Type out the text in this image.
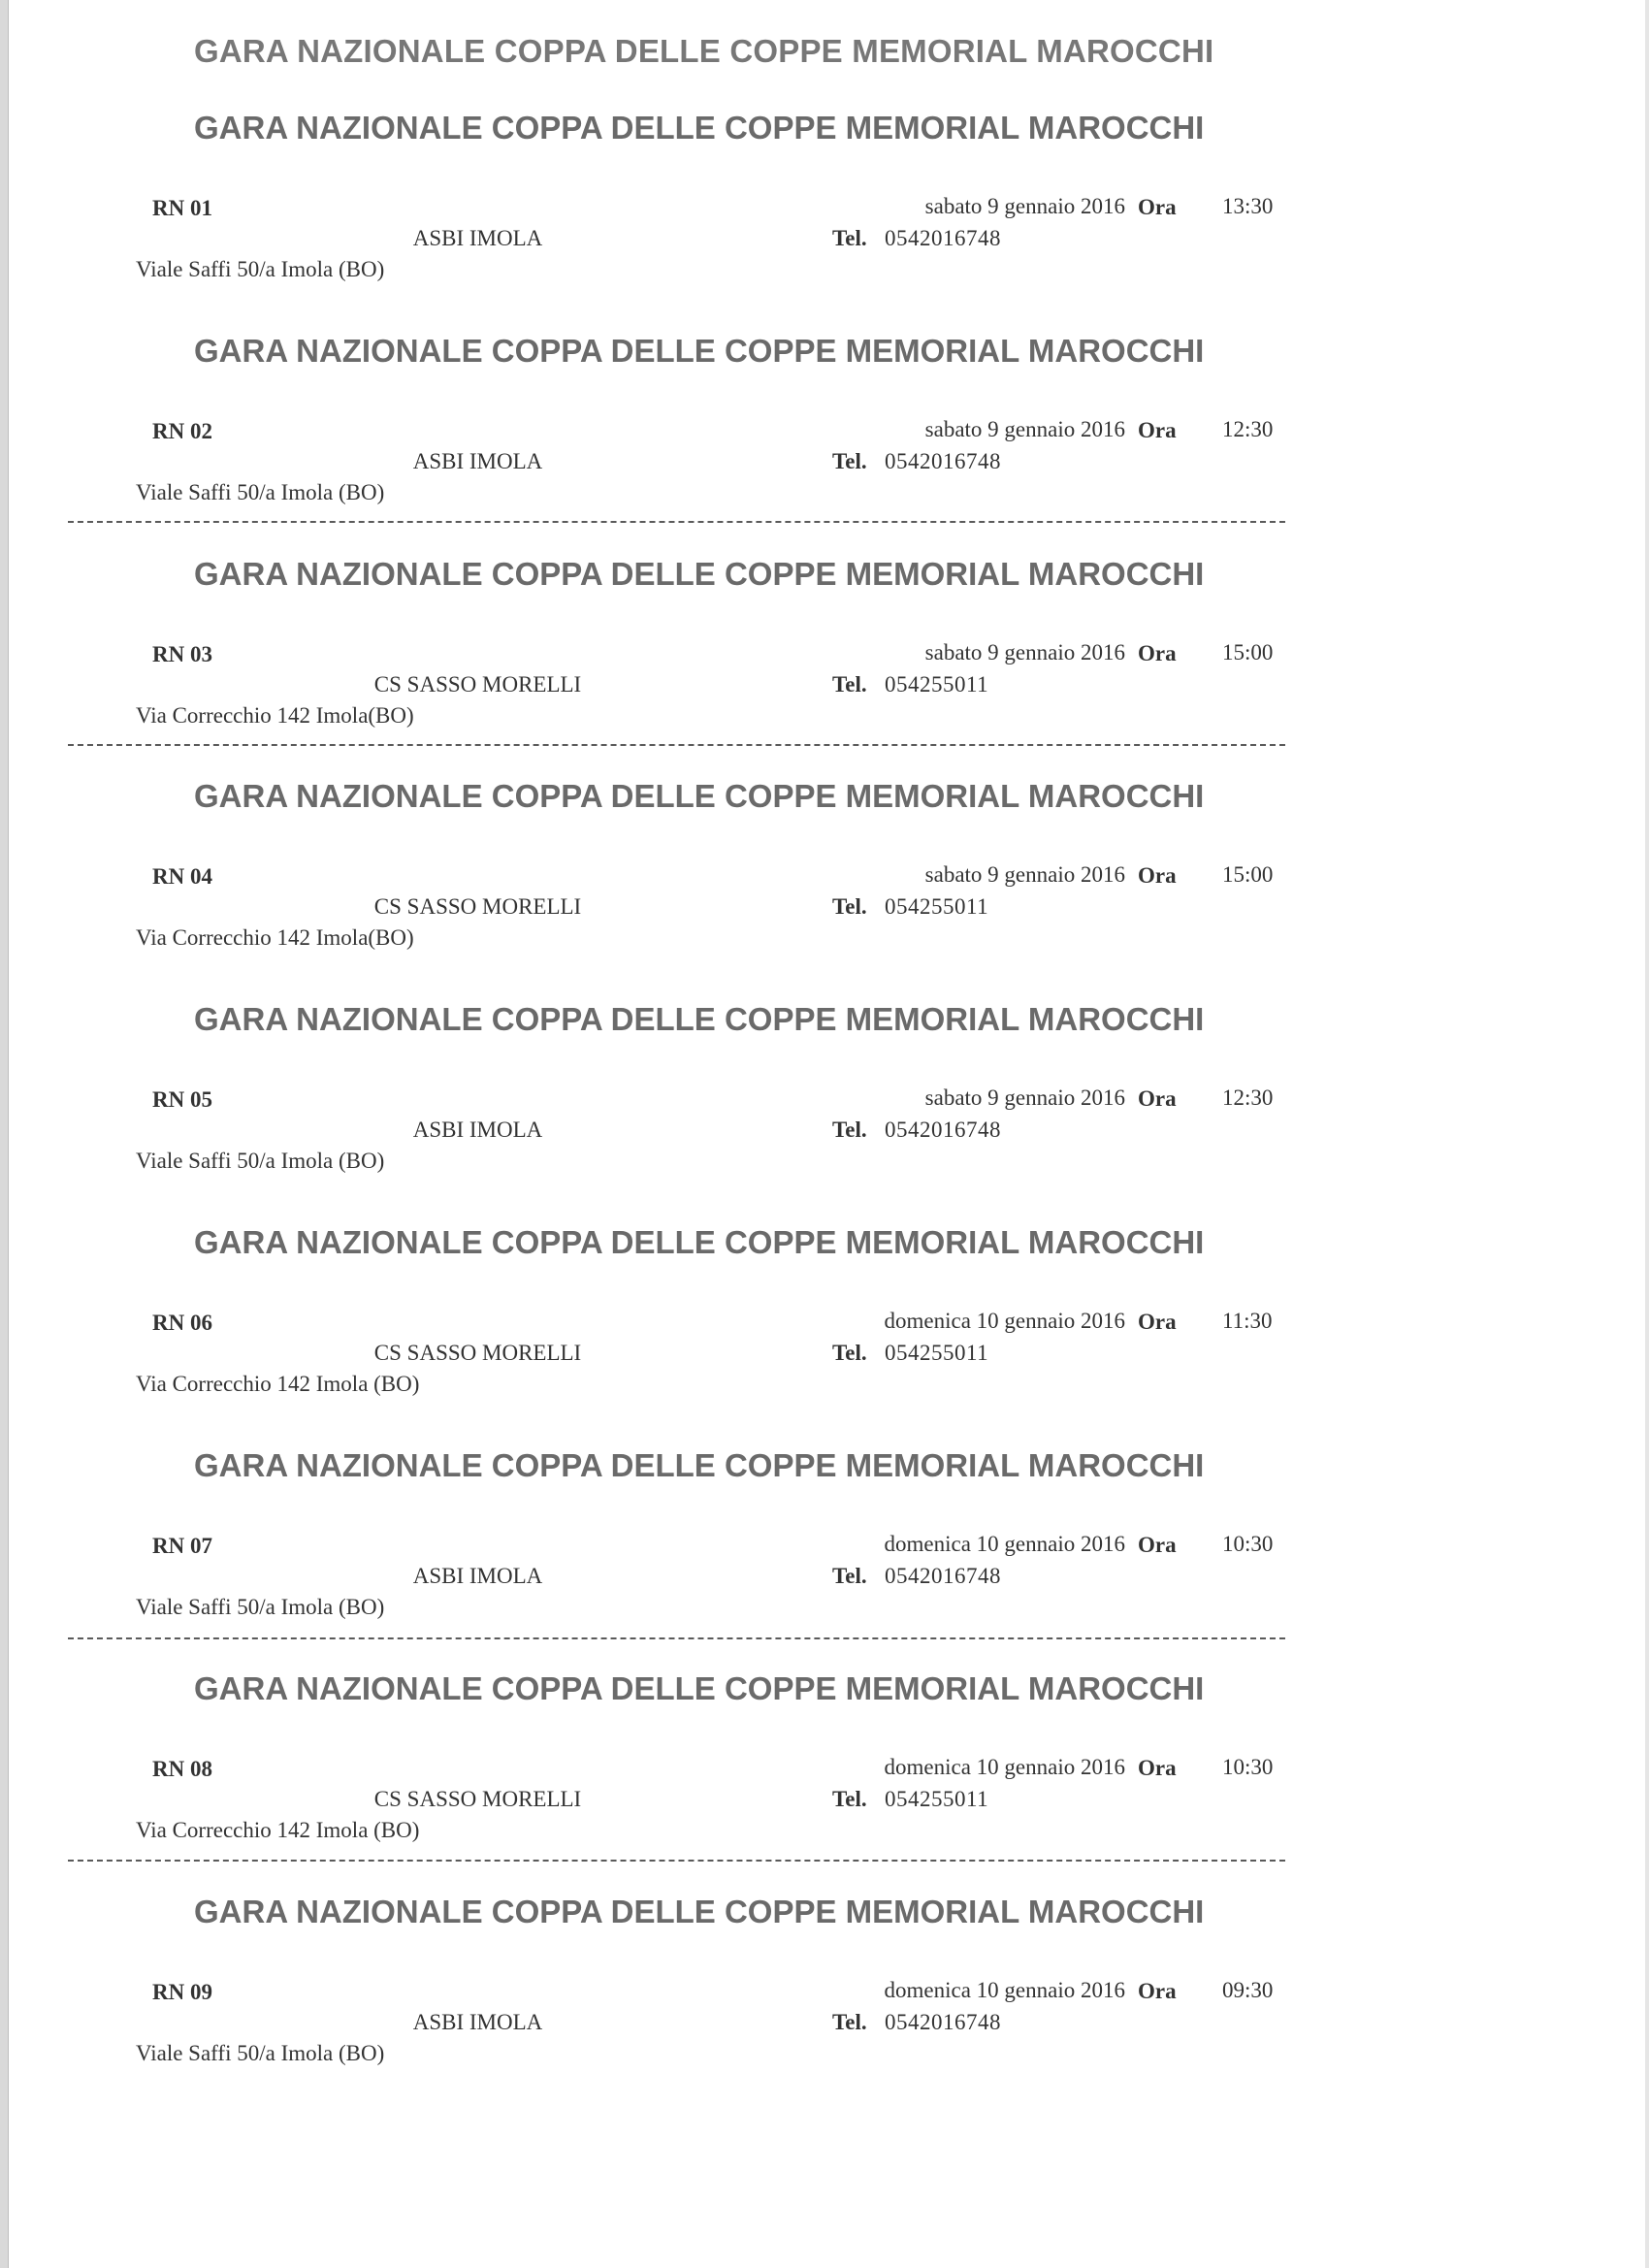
GARA NAZIONALE COPPA DELLE COPPE MEMORIAL MAROCCHI
GARA NAZIONALE COPPA DELLE COPPE MEMORIAL MAROCCHI
RN 01	sabato 9 gennaio 2016 Ora 13:30
ASBI IMOLA	Tel. 0542016748
Viale Saffi 50/a Imola (BO)
GARA NAZIONALE COPPA DELLE COPPE MEMORIAL MAROCCHI
RN 02	sabato 9 gennaio 2016 Ora 12:30
ASBI IMOLA	Tel. 0542016748
Viale Saffi 50/a Imola (BO)
GARA NAZIONALE COPPA DELLE COPPE MEMORIAL MAROCCHI
RN 03	sabato 9 gennaio 2016 Ora 15:00
CS SASSO MORELLI	Tel. 054255011
Via Correcchio 142 Imola(BO)
GARA NAZIONALE COPPA DELLE COPPE MEMORIAL MAROCCHI
RN 04	sabato 9 gennaio 2016 Ora 15:00
CS SASSO MORELLI	Tel. 054255011
Via Correcchio 142 Imola(BO)
GARA NAZIONALE COPPA DELLE COPPE MEMORIAL MAROCCHI
RN 05	sabato 9 gennaio 2016 Ora 12:30
ASBI IMOLA	Tel. 0542016748
Viale Saffi 50/a Imola (BO)
GARA NAZIONALE COPPA DELLE COPPE MEMORIAL MAROCCHI
RN 06	domenica 10 gennaio 2016 Ora 11:30
CS SASSO MORELLI	Tel. 054255011
Via Correcchio 142 Imola (BO)
GARA NAZIONALE COPPA DELLE COPPE MEMORIAL MAROCCHI
RN 07	domenica 10 gennaio 2016 Ora 10:30
ASBI IMOLA	Tel. 0542016748
Viale Saffi 50/a Imola (BO)
GARA NAZIONALE COPPA DELLE COPPE MEMORIAL MAROCCHI
RN 08	domenica 10 gennaio 2016 Ora 10:30
CS SASSO MORELLI	Tel. 054255011
Via Correcchio 142 Imola (BO)
GARA NAZIONALE COPPA DELLE COPPE MEMORIAL MAROCCHI
RN 09	domenica 10 gennaio 2016 Ora 09:30
ASBI IMOLA	Tel. 0542016748
Viale Saffi 50/a Imola (BO)
